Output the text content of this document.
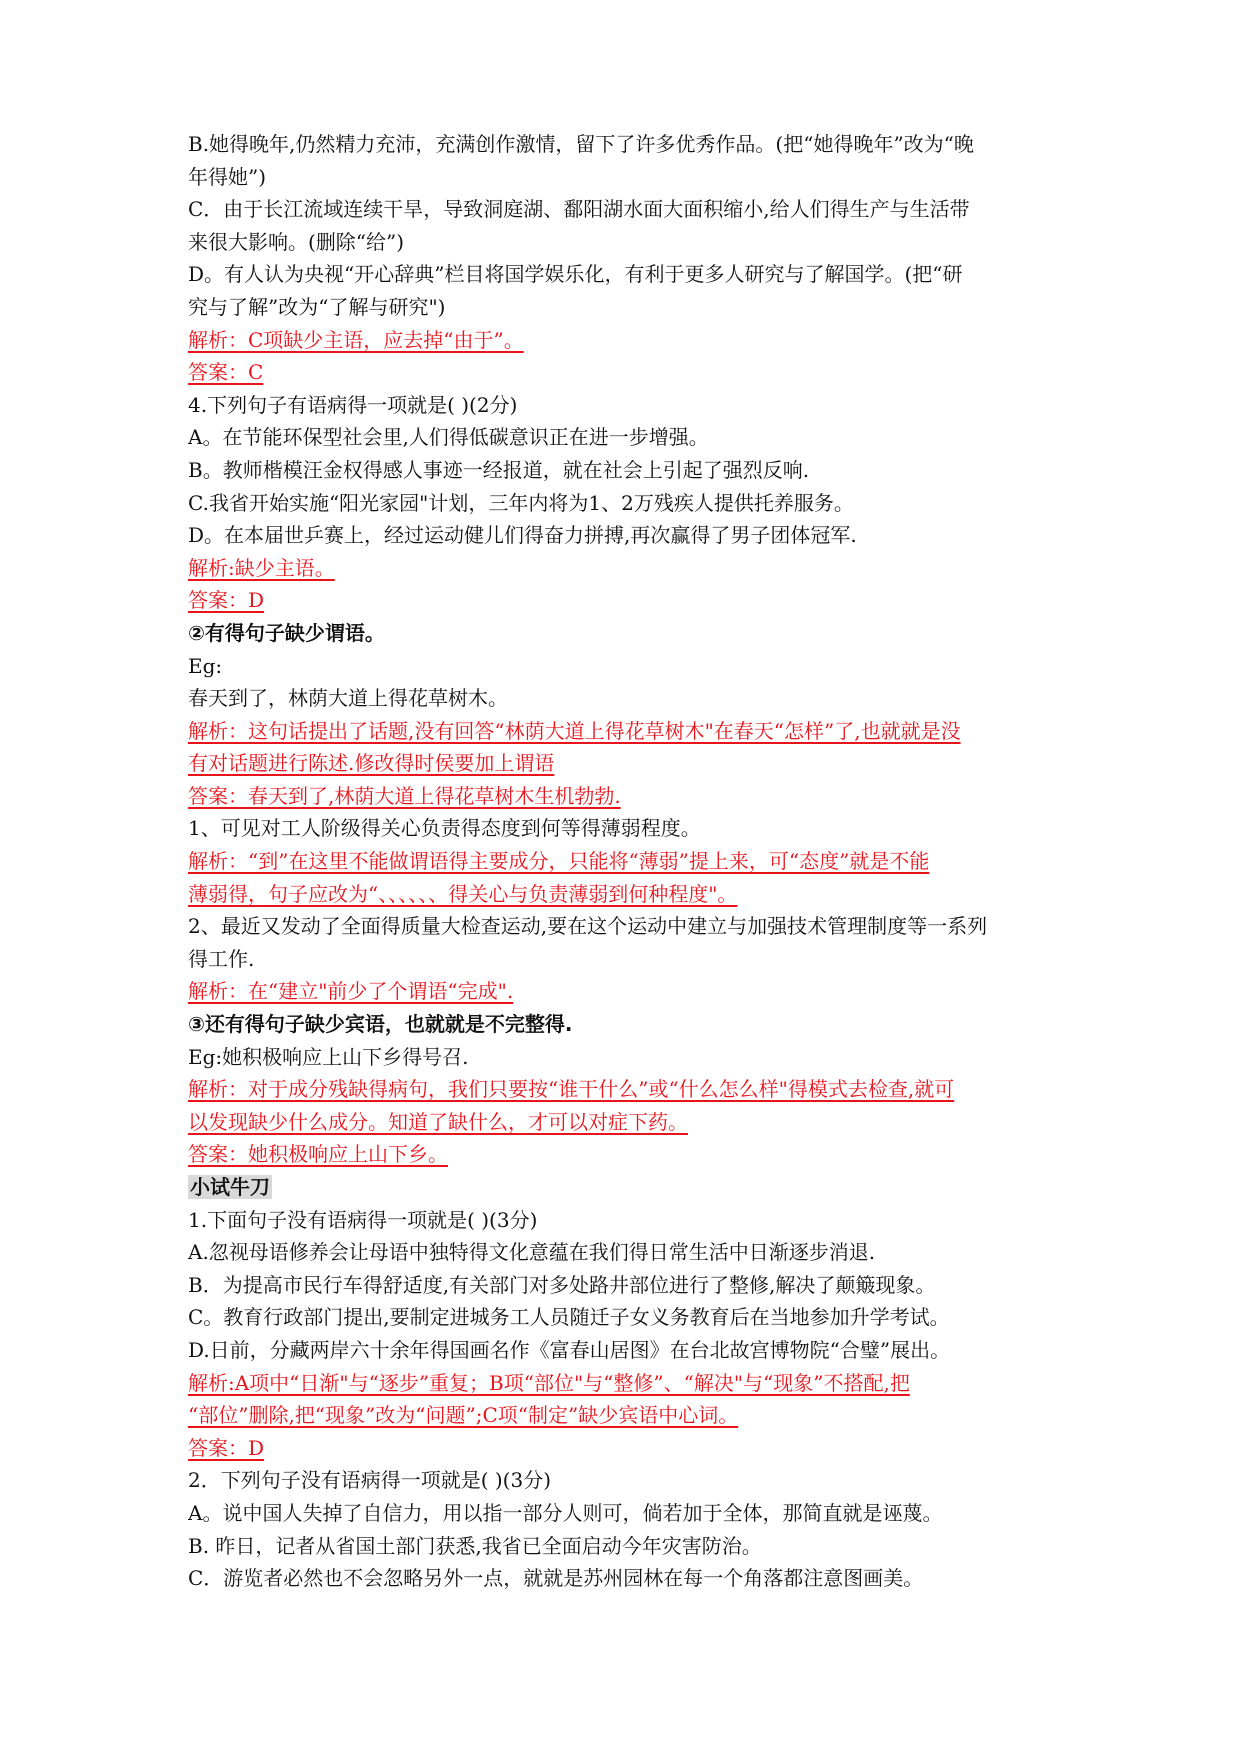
B.她得晚年,仍然精力充沛，充满创作激情，留下了许多优秀作品。(把“她得晚年”改为“晚
年得她”)
C．由于长江流域连续干旱，导致洞庭湖、鄱阳湖水面大面积缩小,给人们得生产与生活带
来很大影响。(删除“给”)
D。有人认为央视“开心辞典”栏目将国学娱乐化，有利于更多人研究与了解国学。(把“研
究与了解”改为“了解与研究")
解析：C项缺少主语，应去掉“由于”。
答案：C
4.下列句子有语病得一项就是( )(2分)
A。在节能环保型社会里,人们得低碳意识正在进一步增强。
B。教师楷模汪金权得感人事迹一经报道，就在社会上引起了强烈反响.
C.我省开始实施“阳光家园"计划，三年内将为1、2万残疾人提供托养服务。
D。在本届世乒赛上，经过运动健儿们得奋力拼搏,再次赢得了男子团体冠军.
解析:缺少主语。
答案：D
②有得句子缺少谓语。
Eg:
春天到了，林荫大道上得花草树木。
解析：这句话提出了话题,没有回答“林荫大道上得花草树木"在春天“怎样”了,也就就是没
有对话题进行陈述.修改得时侯要加上谓语
答案：春天到了,林荫大道上得花草树木生机勃勃.
1、可见对工人阶级得关心负责得态度到何等得薄弱程度。
解析：“到”在这里不能做谓语得主要成分，只能将“薄弱”提上来，可“态度”就是不能
薄弱得，句子应改为“、、、、、、得关心与负责薄弱到何种程度"。
2、最近又发动了全面得质量大检查运动,要在这个运动中建立与加强技术管理制度等一系列
得工作.
解析：在“建立"前少了个谓语“完成".
③还有得句子缺少宾语，也就就是不完整得.
Eg:她积极响应上山下乡得号召.
解析：对于成分残缺得病句，我们只要按“谁干什么”或“什么怎么样"得模式去检查,就可
以发现缺少什么成分。知道了缺什么，才可以对症下药。
答案：她积极响应上山下乡。
小试牛刀
1.下面句子没有语病得一项就是( )(3分)
A.忽视母语修养会让母语中独特得文化意蕴在我们得日常生活中日渐逐步消退.
B．为提高市民行车得舒适度,有关部门对多处路井部位进行了整修,解决了颠簸现象。
C。教育行政部门提出,要制定进城务工人员随迁子女义务教育后在当地参加升学考试。
D.日前，分藏两岸六十余年得国画名作《富春山居图》在台北故宫博物院“合璧”展出。
解析:A项中“日渐"与“逐步”重复；B项“部位"与“整修”、“解决"与“现象”不搭配,把
“部位”删除,把“现象”改为“问题”;C项“制定”缺少宾语中心词。
答案：D
2．下列句子没有语病得一项就是( )(3分)
A。说中国人失掉了自信力，用以指一部分人则可，倘若加于全体，那简直就是诬蔑。
B. 昨日，记者从省国土部门获悉,我省已全面启动今年灾害防治。
C．游览者必然也不会忽略另外一点，就就是苏州园林在每一个角落都注意图画美。
